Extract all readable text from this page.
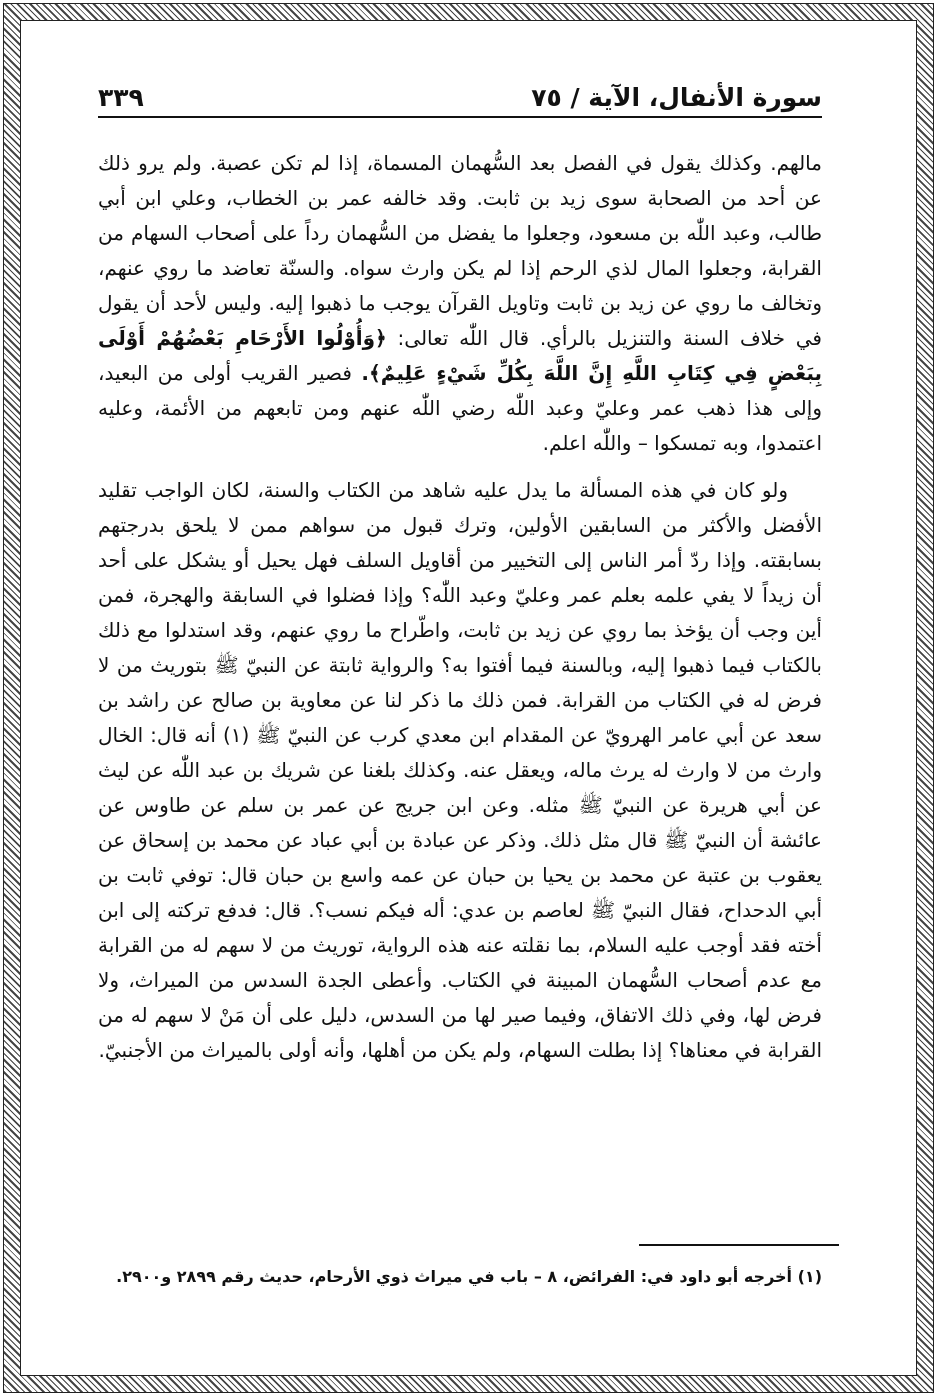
سورة الأنفال، الآية / ٧٥
٣٣٩

مالهم. وكذلك يقول في الفصل بعد السُّهمان المسماة، إذا لم تكن عصبة. ولم يرو ذلك عن أحد من الصحابة سوى زيد بن ثابت. وقد خالفه عمر بن الخطاب، وعلي ابن أبي طالب، وعبد اللّٰه بن مسعود، وجعلوا ما يفضل من السُّهمان رداً على أصحاب السهام من القرابة، وجعلوا المال لذي الرحم إذا لم يكن وارث سواه. والسنّة تعاضد ما روي عنهم، وتخالف ما روي عن زيد بن ثابت وتاويل القرآن يوجب ما ذهبوا إليه. وليس لأحد أن يقول في خلاف السنة والتنزيل بالرأي. قال اللّٰه تعالى: ﴿وَأُوْلُوا الأَرْحَامِ بَعْضُهُمْ أَوْلَى بِبَعْضٍ فِي كِتَابِ اللَّهِ إِنَّ اللَّهَ بِكُلِّ شَيْءٍ عَلِيمٌ﴾. فصير القريب أولى من البعيد، وإلى هذا ذهب عمر وعليّ وعبد اللّٰه رضي اللّٰه عنهم ومن تابعهم من الأئمة، وعليه اعتمدوا، وبه تمسكوا – واللّٰه اعلم.

ولو كان في هذه المسألة ما يدل عليه شاهد من الكتاب والسنة، لكان الواجب تقليد الأفضل والأكثر من السابقين الأولين، وترك قبول من سواهم ممن لا يلحق بدرجتهم بسابقته. وإذا ردّ أمر الناس إلى التخيير من أقاويل السلف فهل يحيل أو يشكل على أحد أن زيداً لا يفي علمه بعلم عمر وعليّ وعبد اللّٰه؟ وإذا فضلوا في السابقة والهجرة، فمن أين وجب أن يؤخذ بما روي عن زيد بن ثابت، واطّراح ما روي عنهم، وقد استدلوا مع ذلك بالكتاب فيما ذهبوا إليه، وبالسنة فيما أفتوا به؟ والرواية ثابتة عن النبيّ ﷺ بتوريث من لا فرض له في الكتاب من القرابة. فمن ذلك ما ذكر لنا عن معاوية بن صالح عن راشد بن سعد عن أبي عامر الهرويّ عن المقدام ابن معدي كرب عن النبيّ ﷺ (١) أنه قال: الخال وارث من لا وارث له يرث ماله، ويعقل عنه. وكذلك بلغنا عن شريك بن عبد اللّٰه عن ليث عن أبي هريرة عن النبيّ ﷺ مثله. وعن ابن جريج عن عمر بن سلم عن طاوس عن عائشة أن النبيّ ﷺ قال مثل ذلك. وذكر عن عبادة بن أبي عباد عن محمد بن إسحاق عن يعقوب بن عتبة عن محمد بن يحيا بن حبان عن عمه واسع بن حبان قال: توفي ثابت بن أبي الدحداح، فقال النبيّ ﷺ لعاصم بن عدي: أله فيكم نسب؟. قال: فدفع تركته إلى ابن أخته فقد أوجب عليه السلام، بما نقلته عنه هذه الرواية، توريث من لا سهم له من القرابة مع عدم أصحاب السُّهمان المبينة في الكتاب. وأعطى الجدة السدس من الميراث، ولا فرض لها، وفي ذلك الاتفاق، وفيما صير لها من السدس، دليل على أن مَنْ لا سهم له من القرابة في معناها؟ إذا بطلت السهام، ولم يكن من أهلها، وأنه أولى بالميراث من الأجنبيّ.

(١) أخرجه أبو داود في: الفرائض، ٨ – باب في ميراث ذوي الأرحام، حديث رقم ٢٨٩٩ و٢٩٠٠.
